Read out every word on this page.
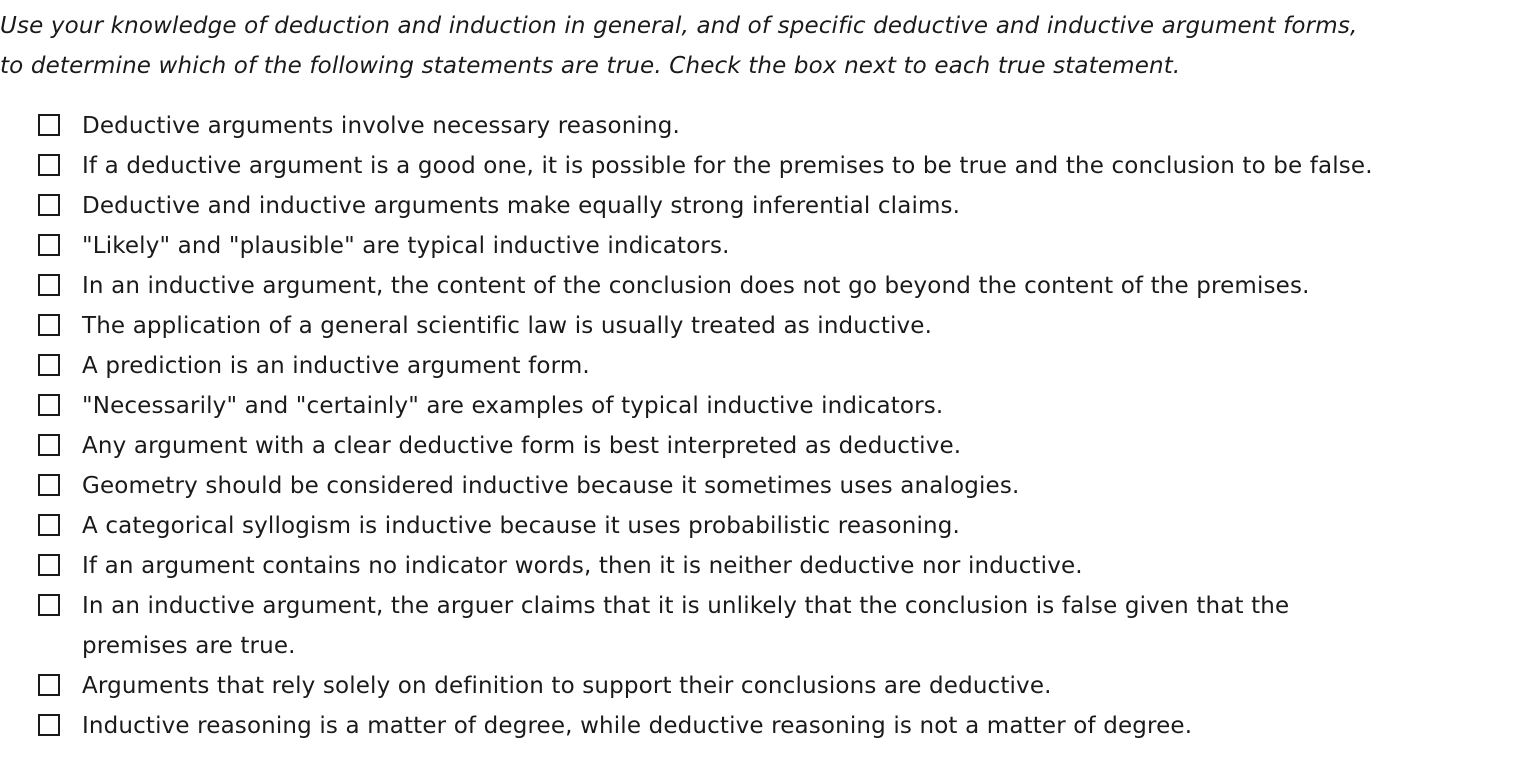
Use your knowledge of deduction and induction in general, and of specific deductive and inductive argument forms,
to determine which of the following statements are true. Check the box next to each true statement.

Deductive arguments involve necessary reasoning.
If a deductive argument is a good one, it is possible for the premises to be true and the conclusion to be false.
Deductive and inductive arguments make equally strong inferential claims.
"Likely" and "plausible" are typical inductive indicators.
In an inductive argument, the content of the conclusion does not go beyond the content of the premises.
The application of a general scientific law is usually treated as inductive.
A prediction is an inductive argument form.
"Necessarily" and "certainly" are examples of typical inductive indicators.
Any argument with a clear deductive form is best interpreted as deductive.
Geometry should be considered inductive because it sometimes uses analogies.
A categorical syllogism is inductive because it uses probabilistic reasoning.
If an argument contains no indicator words, then it is neither deductive nor inductive.
In an inductive argument, the arguer claims that it is unlikely that the conclusion is false given that the
premises are true.
Arguments that rely solely on definition to support their conclusions are deductive.
Inductive reasoning is a matter of degree, while deductive reasoning is not a matter of degree.
